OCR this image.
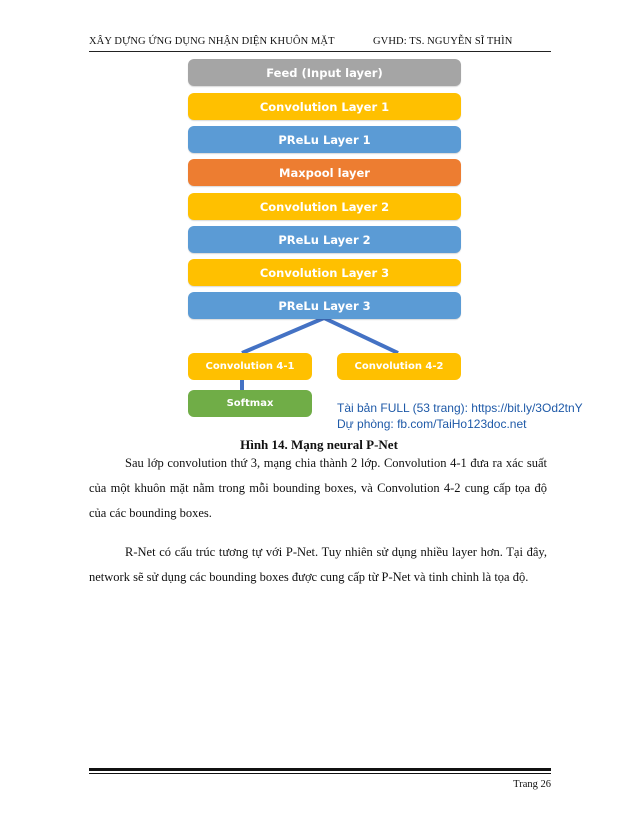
XÂY DỰNG ỨNG DỤNG NHẬN DIỆN KHUÔN MẶT	GVHD: TS. NGUYỄN SĨ THÌN
Feed (Input layer)
Convolution Layer 1
PReLu Layer 1
Maxpool layer
Convolution Layer 2
PReLu Layer 2
Convolution Layer 3
PReLu Layer 3
Convolution 4-1	Convolution 4-2
Softmax	Tài bản FULL (53 trang): https://bit.ly/3Od2tnY
Dự phòng: fb.com/TaiHo123doc.net
Hình 14. Mạng neural P-Net
Sau lớp convolution thứ 3, mạng chia thành 2 lớp. Convolution 4-1 đưa ra xác suất của một khuôn mặt nằm trong mỗi bounding boxes, và Convolution 4-2 cung cấp tọa độ của các bounding boxes.
R-Net có cấu trúc tương tự với P-Net. Tuy nhiên sử dụng nhiều layer hơn. Tại đây, network sẽ sử dụng các bounding boxes được cung cấp từ P-Net và tinh chỉnh là tọa độ.
Trang 26
